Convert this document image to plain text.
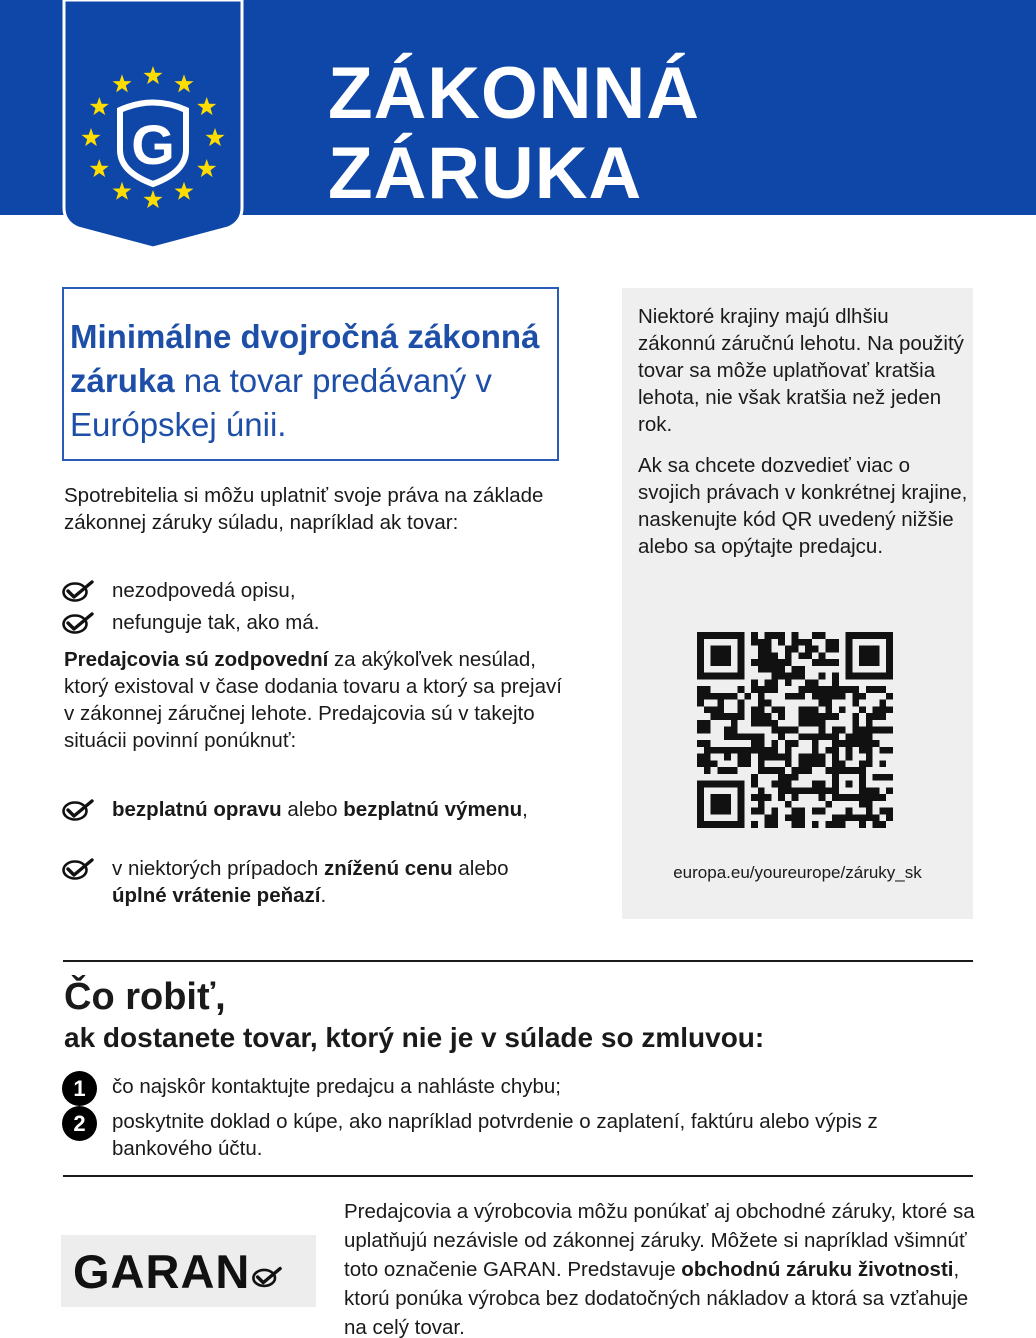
G
ZÁKONNÁ
ZÁRUKA

Minimálne dvojročná zákonná záruka na tovar predávaný v Európskej únii.

Spotrebitelia si môžu uplatniť svoje práva na základe zákonnej záruky súladu, napríklad ak tovar:

nezodpovedá opisu,
nefunguje tak, ako má.

Predajcovia sú zodpovední za akýkoľvek nesúlad, ktorý existoval v čase dodania tovaru a ktorý sa prejaví v zákonnej záručnej lehote. Predajcovia sú v takejto situácii povinní ponúknuť:

bezplatnú opravu alebo bezplatnú výmenu,
v niektorých prípadoch zníženú cenu alebo úplné vrátenie peňazí.

Niektoré krajiny majú dlhšiu zákonnú záručnú lehotu. Na použitý tovar sa môže uplatňovať kratšia lehota, nie však kratšia než jeden rok.

Ak sa chcete dozvedieť viac o svojich právach v konkrétnej krajine, naskenujte kód QR uvedený nižšie alebo sa opýtajte predajcu.

europa.eu/youreurope/záruky_sk
Čo robiť,
ak dostanete tovar, ktorý nie je v súlade so zmluvou:
1	čo najskôr kontaktujte predajcu a nahláste chybu;
2	poskytnite doklad o kúpe, ako napríklad potvrdenie o zaplatení, faktúru alebo výpis z bankového účtu.
GARAN

Predajcovia a výrobcovia môžu ponúkať aj obchodné záruky, ktoré sa uplatňujú nezávisle od zákonnej záruky. Môžete si napríklad všimnúť toto označenie GARAN. Predstavuje obchodnú záruku životnosti, ktorú ponúka výrobca bez dodatočných nákladov a ktorá sa vzťahuje na celý tovar.
